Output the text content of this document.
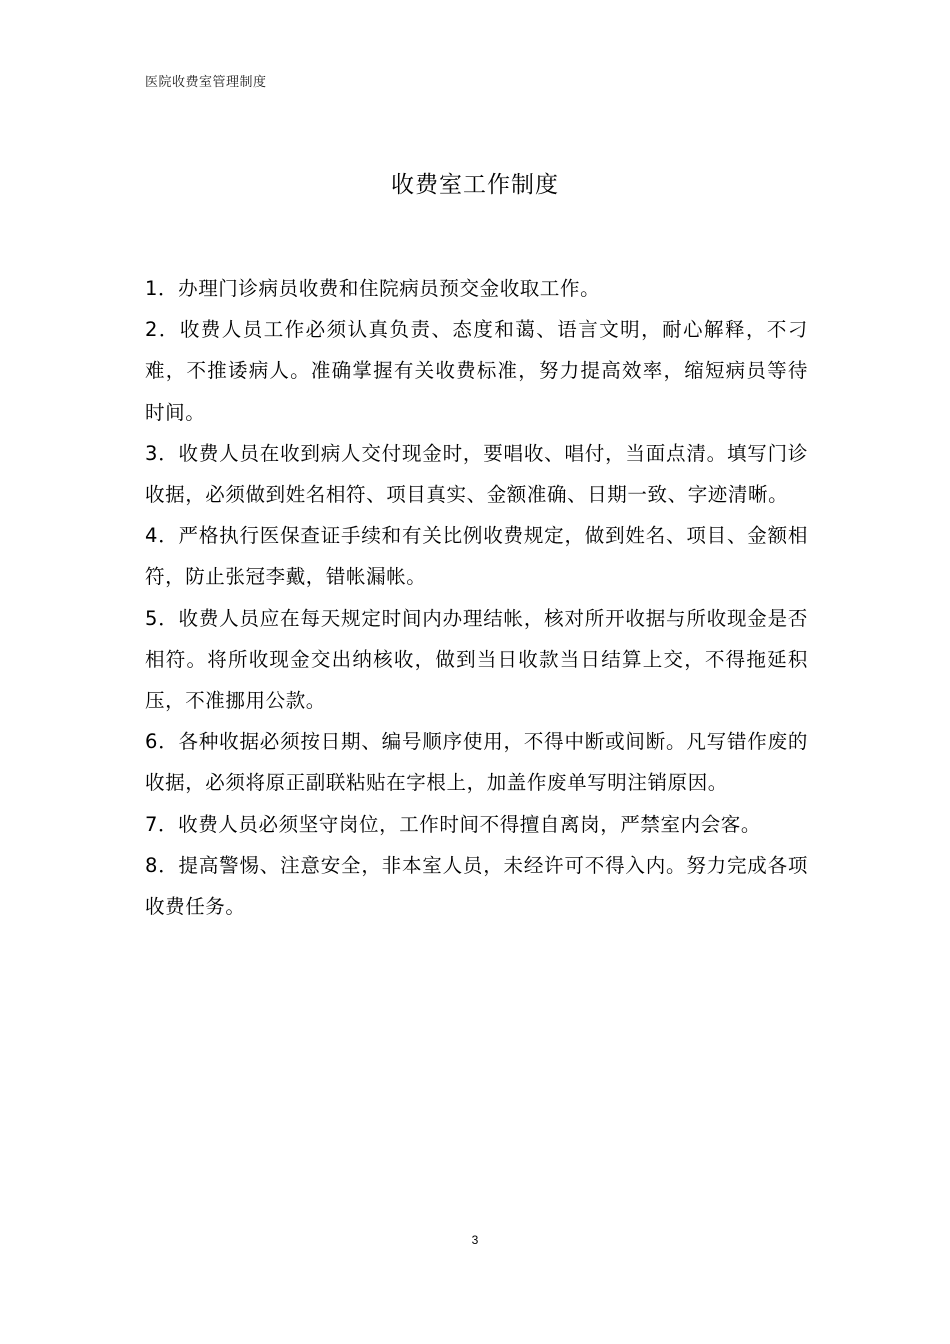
医院收费室管理制度
收费室工作制度
1．办理门诊病员收费和住院病员预交金收取工作。
2．收费人员工作必须认真负责、态度和蔼、语言文明，耐心解释，不刁难，不推诿病人。准确掌握有关收费标准，努力提高效率，缩短病员等待时间。
3．收费人员在收到病人交付现金时，要唱收、唱付，当面点清。填写门诊收据，必须做到姓名相符、项目真实、金额准确、日期一致、字迹清晰。
4．严格执行医保查证手续和有关比例收费规定，做到姓名、项目、金额相符，防止张冠李戴，错帐漏帐。
5．收费人员应在每天规定时间内办理结帐，核对所开收据与所收现金是否相符。将所收现金交出纳核收，做到当日收款当日结算上交，不得拖延积压，不准挪用公款。
6．各种收据必须按日期、编号顺序使用，不得中断或间断。凡写错作废的收据，必须将原正副联粘贴在字根上，加盖作废单写明注销原因。
7．收费人员必须坚守岗位，工作时间不得擅自离岗，严禁室内会客。
8．提高警惕、注意安全，非本室人员，未经许可不得入内。努力完成各项收费任务。
3
